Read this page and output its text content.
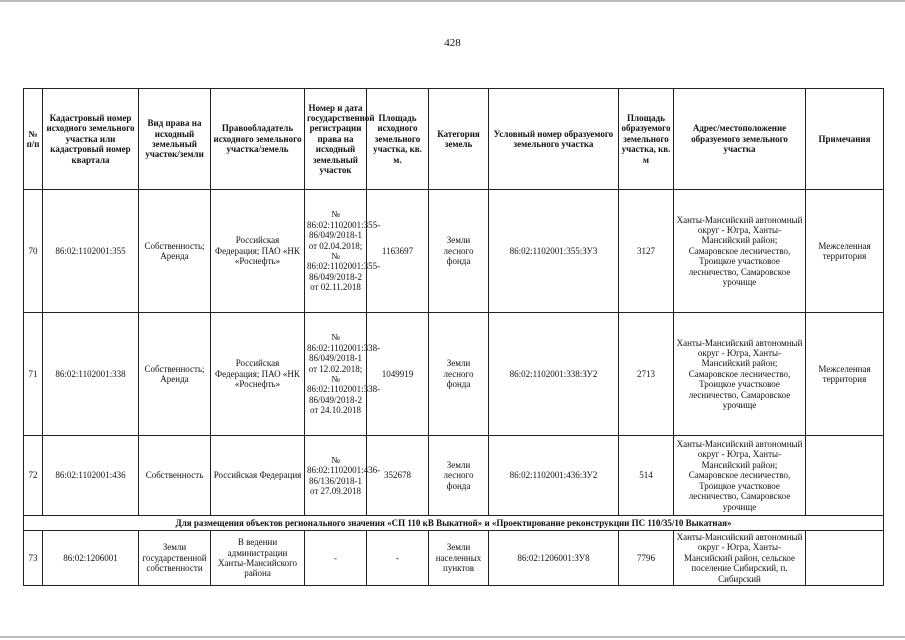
428
№ п/п	Кадастровый номер исходного земельного участка или кадастровый номер квартала	Вид права на исходный земельный участок/земли	Правообладатель исходного земельного участка/земель	Номер и дата государственной регистрации права на исходный земельный участок	Площадь исходного земельного участка, кв. м.	Категория земель	Условный номер образуемого земельного участка	Площадь образуемого земельного участка, кв. м	Адрес/местоположение образуемого земельного участка	Примечания
70	86:02:1102001:355	Собственность; Аренда	Российская Федерация; ПАО «НК «Роснефть»	№ 86:02:1102001:355-86/049/2018-1 от 02.04.2018; № 86:02:1102001:355-86/049/2018-2 от 02.11.2018	1163697	Земли лесного фонда	86:02:1102001:355:ЗУ3	3127	Ханты-Мансийский автономный округ - Югра, Ханты-Мансийский район; Самаровское лесничество, Троицкое участковое лесничество, Самаровское урочище	Межселенная территория
71	86:02:1102001:338	Собственность; Аренда	Российская Федерация; ПАО «НК «Роснефть»	№ 86:02:1102001:338-86/049/2018-1 от 12.02.2018; № 86:02:1102001:338-86/049/2018-2 от 24.10.2018	1049919	Земли лесного фонда	86:02:1102001:338:ЗУ2	2713	Ханты-Мансийский автономный округ - Югра, Ханты-Мансийский район; Самаровское лесничество, Троицкое участковое лесничество, Самаровское урочище	Межселенная территория
72	86:02:1102001:436	Собственность	Российская Федерация	№ 86:02:1102001:436-86/136/2018-1 от 27.09.2018	352678	Земли лесного фонда	86:02:1102001:436:ЗУ2	514	Ханты-Мансийский автономный округ - Югра, Ханты-Мансийский район; Самаровское лесничество, Троицкое участковое лесничество, Самаровское урочище	
Для размещения объектов регионального значения «СП 110 кВ Выкатной» и «Проектирование реконструкции ПС 110/35/10 Выкатная»										
73	86:02:1206001	Земли государственной собственности	В ведении администрации Ханты-Мансийского района	-	-	Земли населенных пунктов	86:02:1206001:ЗУ8	7796	Ханты-Мансийский автономный округ - Югра, Ханты-Мансийский район, сельское поселение Сибирский, п. Сибирский	
